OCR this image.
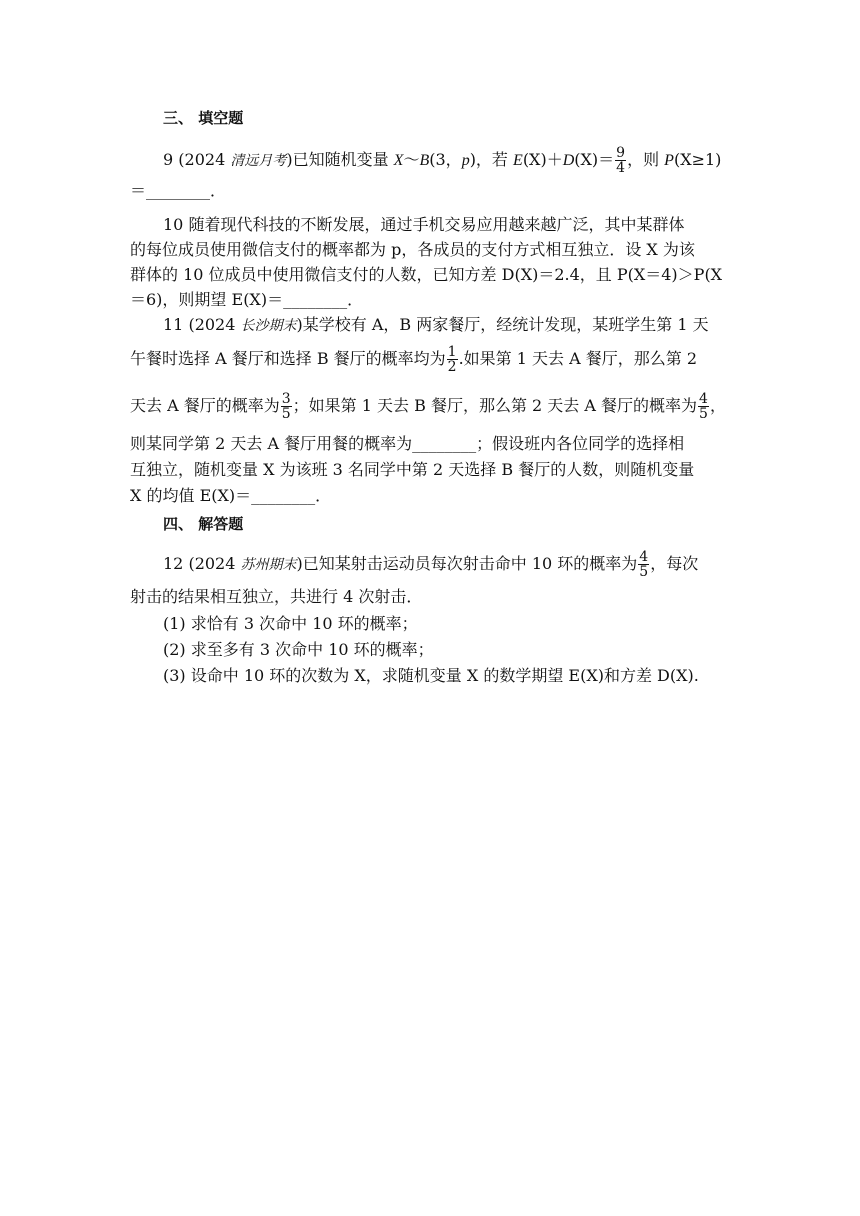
三、 填空题
9 (2024 清远月考)已知随机变量 X～B(3，p)，若 $E(X)+D(X)= \frac{9}{4}$ ，则 P(X≥1)
＝________．
10 随着现代科技的不断发展，通过手机交易应用越来越广泛，其中某群体
的每位成员使用微信支付的概率都为 p，各成员的支付方式相互独立．设 X 为该
群体的 10 位成员中使用微信支付的人数，已知方差 D(X)＝2.4，且 P(X＝4)＞P(X
＝6)，则期望 E(X)＝________．
11 (2024 长沙期末)某学校有 A，B 两家餐厅，经统计发现，某班学生第 1 天
午餐时选择 A 餐厅和选择 B 餐厅的概率均为 $\frac{1}{2}$ .如果第 1 天去 A 餐厅，那么第 2
天去 A 餐厅的概率为 $\frac{3}{5}$ ；如果第 1 天去 B 餐厅，那么第 2 天去 A 餐厅的概率为 $\frac{4}{5}$ ，
则某同学第 2 天去 A 餐厅用餐的概率为________；假设班内各位同学的选择相
互独立，随机变量 X 为该班 3 名同学中第 2 天选择 B 餐厅的人数，则随机变量
X 的均值 E(X)＝________．
四、 解答题
12 (2024 苏州期末)已知某射击运动员每次射击命中 10 环的概率为 $\frac{4}{5}$ ，每次
射击的结果相互独立，共进行 4 次射击．
(1) 求恰有 3 次命中 10 环的概率；
(2) 求至多有 3 次命中 10 环的概率；
(3) 设命中 10 环的次数为 X，求随机变量 X 的数学期望 E(X)和方差 D(X).
